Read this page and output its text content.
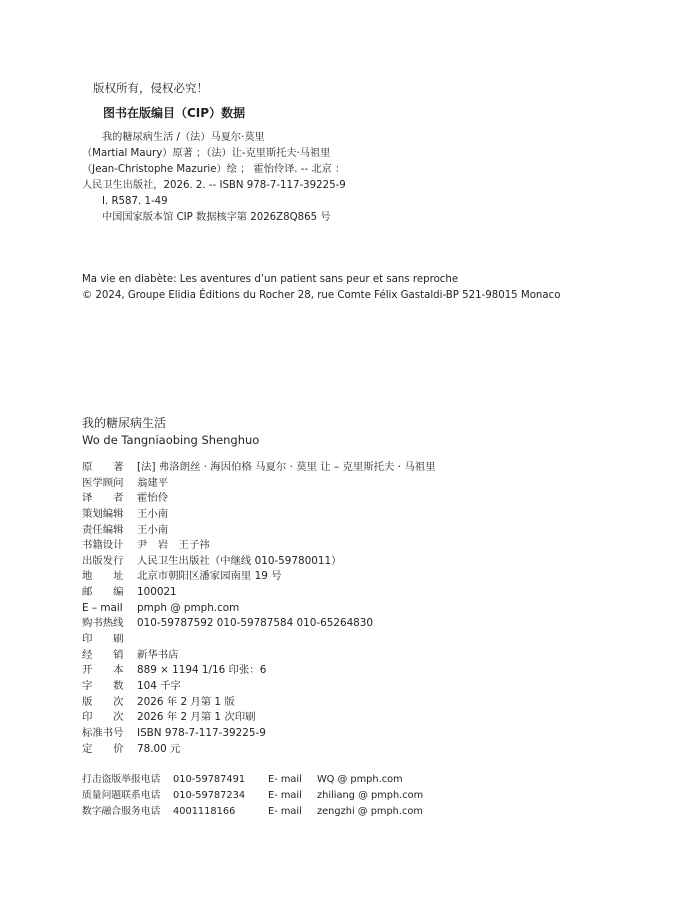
版权所有，侵权必究！
图书在版编目（CIP）数据
我的糖尿病生活 /（法）马夏尔·莫里
（Martial Maury）原著 ；（法）让-克里斯托夫·马祖里
（Jean-Christophe Mazurie）绘 ； 霍怡伶译. -- 北京 ：
人民卫生出版社，2026. 2. -- ISBN 978-7-117-39225-9
Ⅰ. R587. 1-49
中国国家版本馆 CIP 数据核字第 2026Z8Q865 号
Ma vie en diabète: Les aventures d’un patient sans peur et sans reproche
© 2024, Groupe Elidia Éditions du Rocher 28, rue Comte Félix Gastaldi-BP 521-98015 Monaco
我的糖尿病生活
Wo de Tangniaobing Shenghuo
原　　著	[法] 弗洛朗丝 · 海因伯格 马夏尔 · 莫里 让 – 克里斯托夫 · 马祖里
医学顾问	翁建平
译　　者	霍怡伶
策划编辑	王小南
责任编辑	王小南
书籍设计	尹　岩　王子祎
出版发行	人民卫生出版社（中继线 010-59780011）
地　　址	北京市朝阳区潘家园南里 19 号
邮　　编	100021
E – mail	pmph @ pmph.com
购书热线	010-59787592 010-59787584 010-65264830
印　　刷
经　　销	新华书店
开　　本	889 × 1194 1/16 印张：6
字　　数	104 千字
版　　次	2026 年 2 月第 1 版
印　　次	2026 年 2 月第 1 次印刷
标准书号	ISBN 978-7-117-39225-9
定　　价	78.00 元
打击盗版举报电话	010-59787491	E- mail	WQ @ pmph.com
质量问题联系电话	010-59787234	E- mail	zhiliang @ pmph.com
数字融合服务电话	4001118166	E- mail	zengzhi @ pmph.com
